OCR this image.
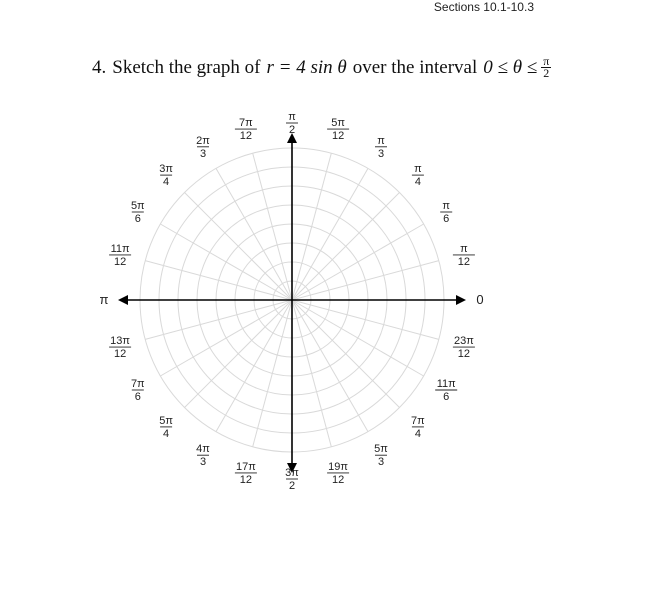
Sections 10.1-10.3
4. Sketch the graph of r = 4 sin θ over the interval $0 \le \theta \le \frac{\pi}{2}$
0
π
12
π
6
π
4
π
3
5π
12
π
2
7π
12
2π
3
3π
4
5π
6
11π
12
π
13π
12
7π
6
5π
4
4π
3	17π
12
3π
2
19π
12
5π
3
7π
4
11π
6
23π
12
